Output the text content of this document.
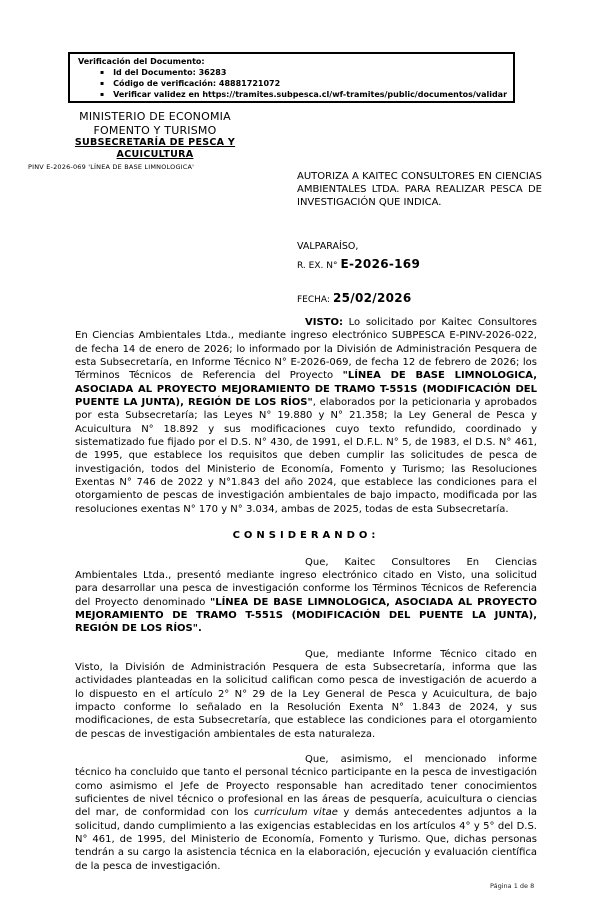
Verificación del Documento:
▪ Id del Documento: 36283
▪ Código de verificación: 48881721072
▪ Verificar validez en https://tramites.subpesca.cl/wf-tramites/public/documentos/validar
MINISTERIO DE ECONOMIA
FOMENTO Y TURISMO
SUBSECRETARÍA DE PESCA Y
ACUICULTURA
PINV E-2026-069 'LÍNEA DE BASE LIMNOLOGICA'
AUTORIZA A KAITEC CONSULTORES EN CIENCIAS AMBIENTALES LTDA. PARA REALIZAR PESCA DE INVESTIGACIÓN QUE INDICA.
VALPARAÍSO,
R. EX. N° E-2026-169
FECHA: 25/02/2026

VISTO: Lo solicitado por Kaitec Consultores En Ciencias Ambientales Ltda., mediante ingreso electrónico SUBPESCA E-PINV-2026-022, de fecha 14 de enero de 2026; lo informado por la División de Administración Pesquera de esta Subsecretaría, en Informe Técnico N° E-2026-069, de fecha 12 de febrero de 2026; los Términos Técnicos de Referencia del Proyecto "LÍNEA DE BASE LIMNOLOGICA, ASOCIADA AL PROYECTO MEJORAMIENTO DE TRAMO T-551S (MODIFICACIÓN DEL PUENTE LA JUNTA), REGIÓN DE LOS RÍOS", elaborados por la peticionaria y aprobados por esta Subsecretaría; las Leyes N° 19.880 y N° 21.358; la Ley General de Pesca y Acuicultura N° 18.892 y sus modificaciones cuyo texto refundido, coordinado y sistematizado fue fijado por el D.S. N° 430, de 1991, el D.F.L. N° 5, de 1983, el D.S. N° 461, de 1995, que establece los requisitos que deben cumplir las solicitudes de pesca de investigación, todos del Ministerio de Economía, Fomento y Turismo; las Resoluciones Exentas N° 746 de 2022 y N°1.843 del año 2024, que establece las condiciones para el otorgamiento de pescas de investigación ambientales de bajo impacto, modificada por las resoluciones exentas N° 170 y N° 3.034, ambas de 2025, todas de esta Subsecretaría.

CONSIDERANDO:

Que, Kaitec Consultores En Ciencias Ambientales Ltda., presentó mediante ingreso electrónico citado en Visto, una solicitud para desarrollar una pesca de investigación conforme los Términos Técnicos de Referencia del Proyecto denominado "LÍNEA DE BASE LIMNOLOGICA, ASOCIADA AL PROYECTO MEJORAMIENTO DE TRAMO T-551S (MODIFICACIÓN DEL PUENTE LA JUNTA), REGIÓN DE LOS RÍOS".

Que, mediante Informe Técnico citado en Visto, la División de Administración Pesquera de esta Subsecretaría, informa que las actividades planteadas en la solicitud califican como pesca de investigación de acuerdo a lo dispuesto en el artículo 2° N° 29 de la Ley General de Pesca y Acuicultura, de bajo impacto conforme lo señalado en la Resolución Exenta N° 1.843 de 2024, y sus modificaciones, de esta Subsecretaría, que establece las condiciones para el otorgamiento de pescas de investigación ambientales de esta naturaleza.

Que, asimismo, el mencionado informe técnico ha concluido que tanto el personal técnico participante en la pesca de investigación como asimismo el Jefe de Proyecto responsable han acreditado tener conocimientos suficientes de nivel técnico o profesional en las áreas de pesquería, acuicultura o ciencias del mar, de conformidad con los curriculum vitae y demás antecedentes adjuntos a la solicitud, dando cumplimiento a las exigencias establecidas en los artículos 4° y 5° del D.S. N° 461, de 1995, del Ministerio de Economía, Fomento y Turismo. Que, dichas personas tendrán a su cargo la asistencia técnica en la elaboración, ejecución y evaluación científica de la pesca de investigación.

Página 1 de 8
